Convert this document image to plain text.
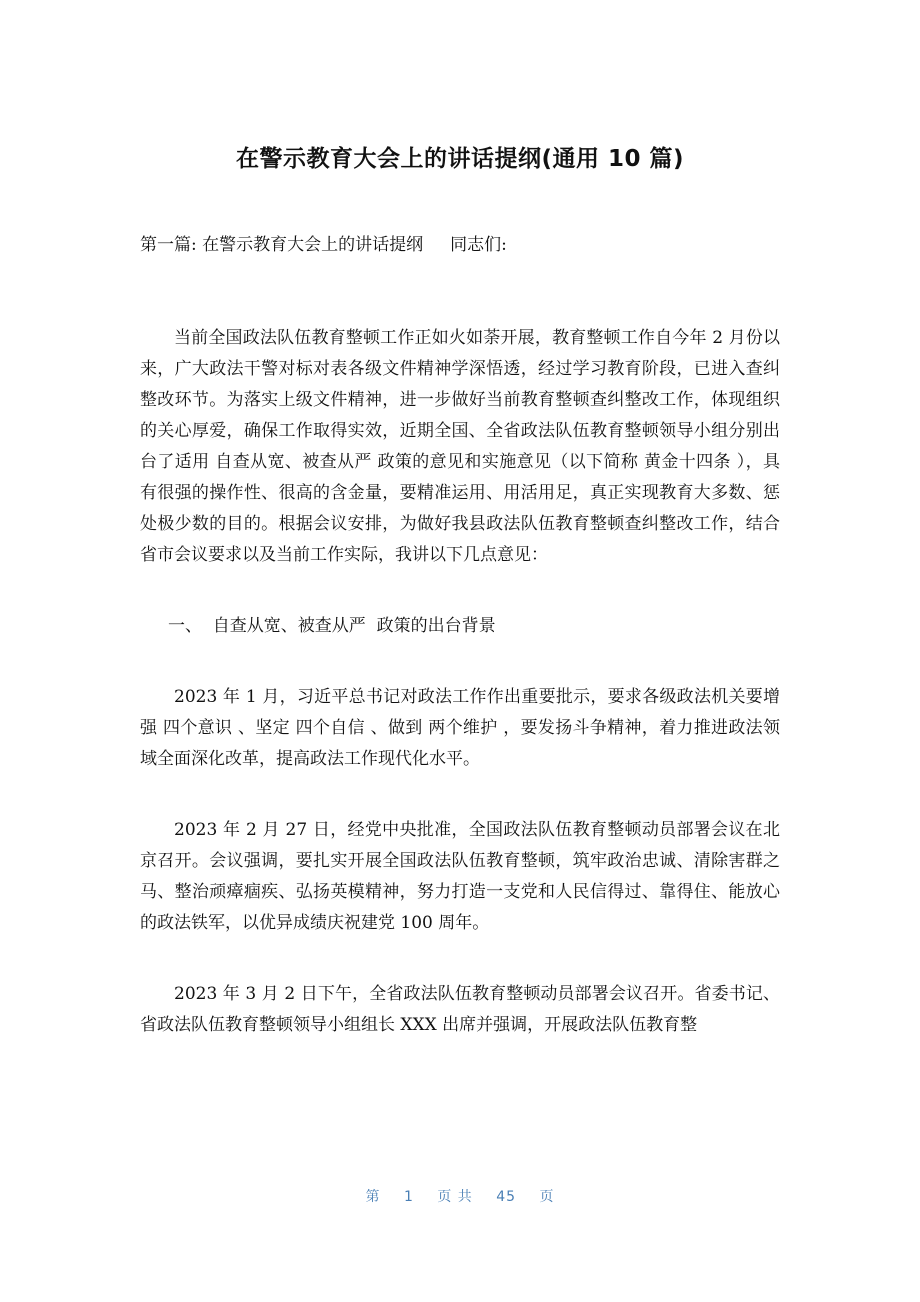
在警示教育大会上的讲话提纲(通用 10 篇)

第一篇: 在警示教育大会上的讲话提纲     同志们:

当前全国政法队伍教育整顿工作正如火如荼开展，教育整顿工作自今年 2 月份以来，广大政法干警对标对表各级文件精神学深悟透，经过学习教育阶段，已进入查纠整改环节。为落实上级文件精神，进一步做好当前教育整顿查纠整改工作，体现组织的关心厚爱，确保工作取得实效，近期全国、全省政法队伍教育整顿领导小组分别出台了适用 自查从宽、被查从严 政策的意见和实施意见（以下简称 黄金十四条 ），具有很强的操作性、很高的含金量，要精准运用、用活用足，真正实现教育大多数、惩处极少数的目的。根据会议安排，为做好我县政法队伍教育整顿查纠整改工作，结合省市会议要求以及当前工作实际，我讲以下几点意见：

一、  自查从宽、被查从严  政策的出台背景

2023 年 1 月，习近平总书记对政法工作作出重要批示，要求各级政法机关要增强 四个意识 、坚定 四个自信 、做到 两个维护 ，要发扬斗争精神，着力推进政法领域全面深化改革，提高政法工作现代化水平。

2023 年 2 月 27 日，经党中央批准，全国政法队伍教育整顿动员部署会议在北京召开。会议强调，要扎实开展全国政法队伍教育整顿，筑牢政治忠诚、清除害群之马、整治顽瘴痼疾、弘扬英模精神，努力打造一支党和人民信得过、靠得住、能放心的政法铁军，以优异成绩庆祝建党 100 周年。

2023 年 3 月 2 日下午，全省政法队伍教育整顿动员部署会议召开。省委书记、省政法队伍教育整顿领导小组组长 XXX 出席并强调，开展政法队伍教育整

第 1 页 共 45 页
